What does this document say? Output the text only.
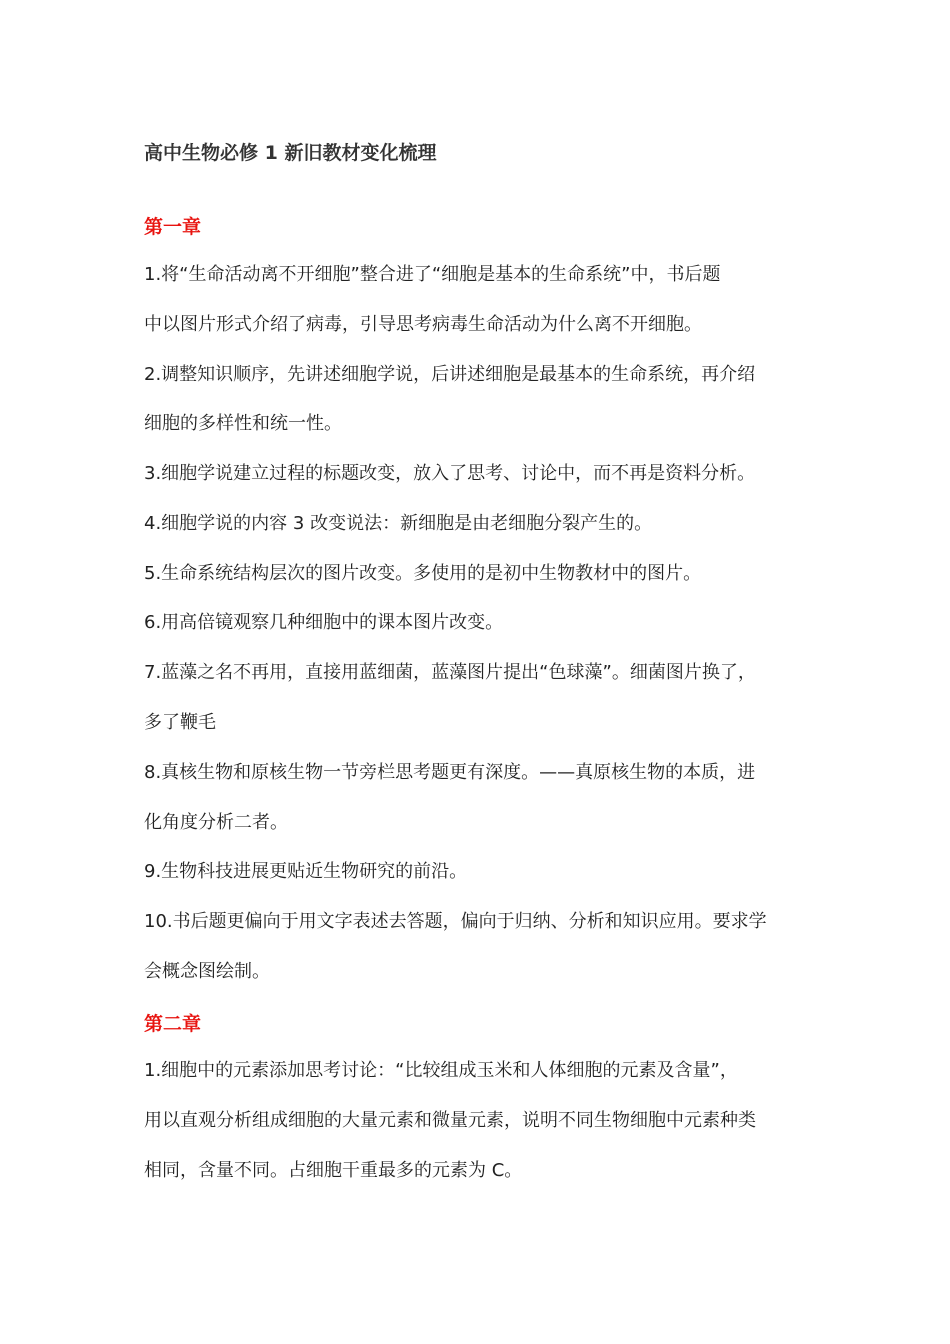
高中生物必修 1 新旧教材变化梳理
第一章
1.将“生命活动离不开细胞”整合进了“细胞是基本的生命系统”中，书后题
中以图片形式介绍了病毒，引导思考病毒生命活动为什么离不开细胞。
2.调整知识顺序，先讲述细胞学说，后讲述细胞是最基本的生命系统，再介绍
细胞的多样性和统一性。
3.细胞学说建立过程的标题改变，放入了思考、讨论中，而不再是资料分析。
4.细胞学说的内容 3 改变说法：新细胞是由老细胞分裂产生的。
5.生命系统结构层次的图片改变。多使用的是初中生物教材中的图片。
6.用高倍镜观察几种细胞中的课本图片改变。
7.蓝藻之名不再用，直接用蓝细菌，蓝藻图片提出“色球藻”。细菌图片换了，
多了鞭毛
8.真核生物和原核生物一节旁栏思考题更有深度。——真原核生物的本质，进
化角度分析二者。
9.生物科技进展更贴近生物研究的前沿。
10.书后题更偏向于用文字表述去答题，偏向于归纳、分析和知识应用。要求学
会概念图绘制。
第二章
1.细胞中的元素添加思考讨论：“比较组成玉米和人体细胞的元素及含量”，
用以直观分析组成细胞的大量元素和微量元素，说明不同生物细胞中元素种类
相同，含量不同。占细胞干重最多的元素为 C。
